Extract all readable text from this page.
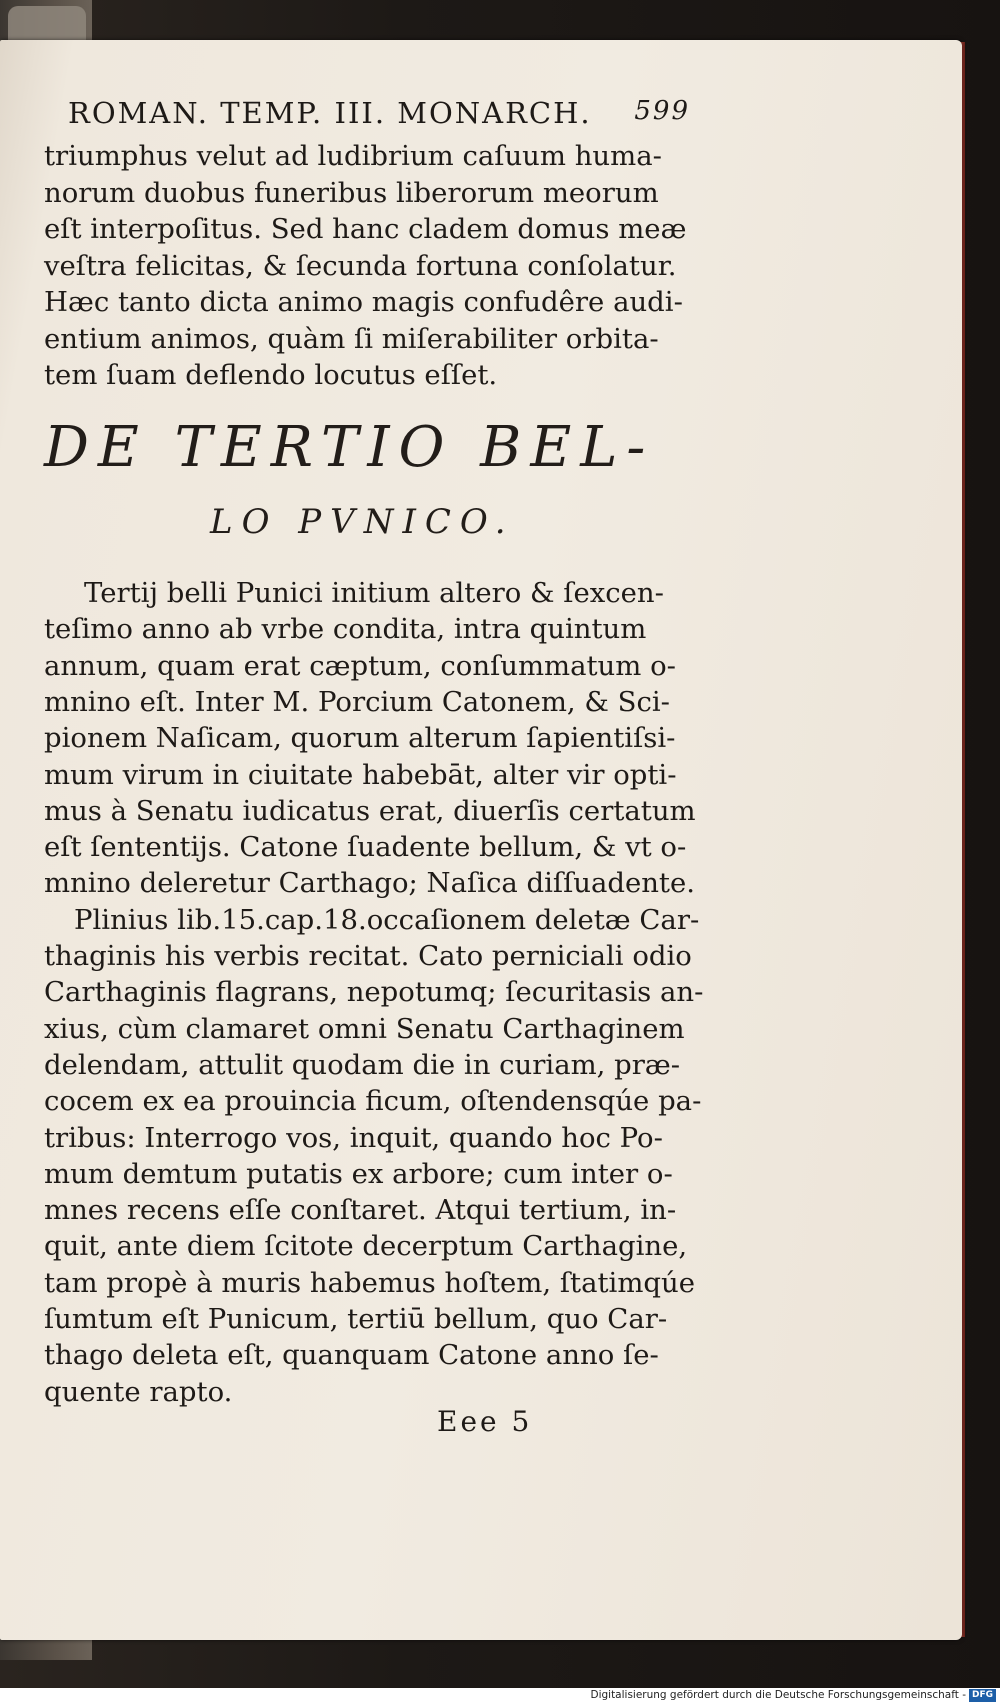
ROMAN. TEMP. III. MONARCH. 599
triumphus velut ad ludibrium caſuum huma-
norum duobus funeribus liberorum meorum
eſt interpoſitus. Sed hanc cladem domus meæ
veſtra felicitas, & ſecunda fortuna conſolatur.
Hæc tanto dicta animo magis confudêre audi-
entium animos, quàm ſi miſerabiliter orbita-
tem ſuam deflendo locutus eſſet.
DE TERTIO BEL-
LO PVNICO.
Tertij belli Punici initium altero & ſexcen-
teſimo anno ab vrbe condita, intra quintum
annum, quam erat cæptum, conſummatum o-
mnino eſt. Inter M. Porcium Catonem, & Sci-
pionem Naſicam, quorum alterum ſapientiſsi-
mum virum in ciuitate habebāt, alter vir opti-
mus à Senatu iudicatus erat, diuerſis certatum
eſt ſententijs. Catone ſuadente bellum, & vt o-
mnino deleretur Carthago; Naſica diſſuadente.
Plinius lib.15.cap.18.occaſionem deletæ Car-
thaginis his verbis recitat. Cato perniciali odio
Carthaginis flagrans, nepotumq; ſecuritasis an-
xius, cùm clamaret omni Senatu Carthaginem
delendam, attulit quodam die in curiam, præ-
cocem ex ea prouincia ficum, oſtendensqúe pa-
tribus: Interrogo vos, inquit, quando hoc Po-
mum demtum putatis ex arbore; cum inter o-
mnes recens eſſe conſtaret. Atqui tertium, in-
quit, ante diem ſcitote decerptum Carthagine,
tam propè à muris habemus hoſtem, ſtatimqúe
ſumtum eſt Punicum, tertiū bellum, quo Car-
thago deleta eſt, quanquam Catone anno ſe-
quente rapto.
Eee 5
Digitalisierung gefördert durch die Deutsche Forschungsgemeinschaft - DFG
